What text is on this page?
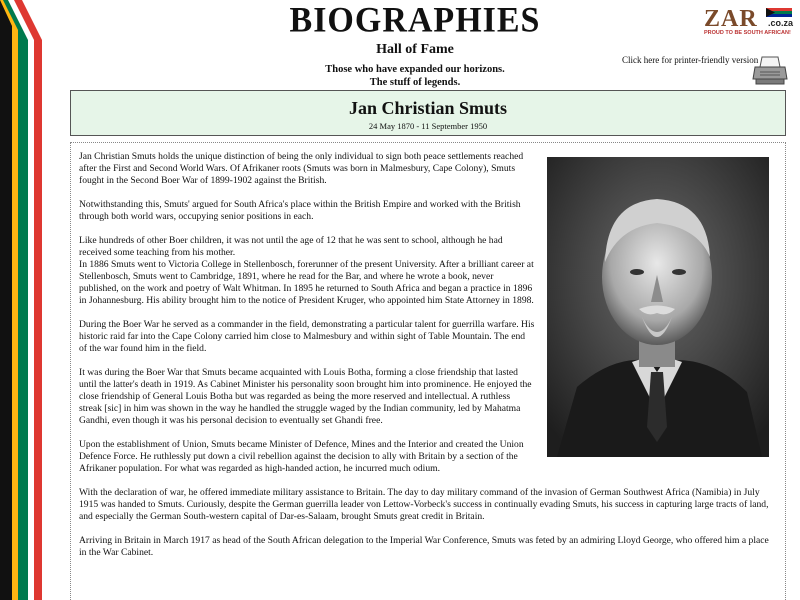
BIOGRAPHIES
Hall of Fame
Those who have expanded our horizons.
The stuff of legends.
ZAR .co.za
PROUD TO BE SOUTH AFRICAN!
Click here for printer-friendly version
Jan Christian Smuts
24 May 1870 - 11 September 1950

Jan Christian Smuts holds the unique distinction of being the only individual to sign both peace settlements reached after the First and Second World Wars. Of Afrikaner roots (Smuts was born in Malmesbury, Cape Colony), Smuts fought in the Second Boer War of 1899-1902 against the British.

Notwithstanding this, Smuts' argued for South Africa's place within the British Empire and worked with the British through both world wars, occupying senior positions in each.

Like hundreds of other Boer children, it was not until the age of 12 that he was sent to school, although he had received some teaching from his mother.

In 1886 Smuts went to Victoria College in Stellenbosch, forerunner of the present University. After a brilliant career at Stellenbosch, Smuts went to Cambridge, 1891, where he read for the Bar, and where he wrote a book, never published, on the work and poetry of Walt Whitman. In 1895 he returned to South Africa and began a practice in 1896 in Johannesburg. His ability brought him to the notice of President Kruger, who appointed him State Attorney in 1898.

During the Boer War he served as a commander in the field, demonstrating a particular talent for guerrilla warfare. His historic raid far into the Cape Colony carried him close to Malmesbury and within sight of Table Mountain. The end of the war found him in the field.

It was during the Boer War that Smuts became acquainted with Louis Botha, forming a close friendship that lasted until the latter's death in 1919. As Cabinet Minister his personality soon brought him into prominence. He enjoyed the close friendship of General Louis Botha but was regarded as being the more reserved and intellectual. A ruthless streak [sic] in him was shown in the way he handled the struggle waged by the Indian community, led by Mahatma Gandhi, even though it was his personal decision to eventually set Ghandi free.

Upon the establishment of Union, Smuts became Minister of Defence, Mines and the Interior and created the Union Defence Force. He ruthlessly put down a civil rebellion against the decision to ally with Britain by a section of the Afrikaner population. For what was regarded as high-handed action, he incurred much odium.

With the declaration of war, he offered immediate military assistance to Britain. The day to day military command of the invasion of German Southwest Africa (Namibia) in July 1915 was handed to Smuts. Curiously, despite the German guerrilla leader von Lettow-Vorbeck's success in continually evading Smuts, his success in capturing large tracts of land, and especially the German South-western capital of Dar-es-Salaam, brought Smuts great credit in Britain.

Arriving in Britain in March 1917 as head of the South African delegation to the Imperial War Conference, Smuts was feted by an admiring Lloyd George, who offered him a place in the War Cabinet.
